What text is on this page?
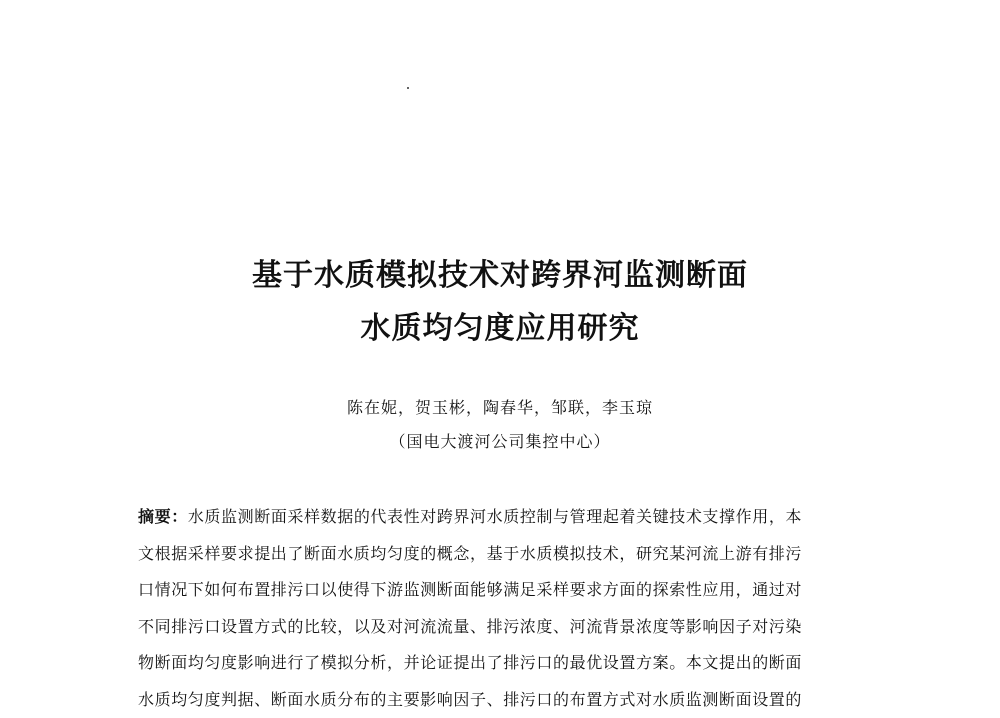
基于水质模拟技术对跨界河监测断面
水质均匀度应用研究
陈在妮，贺玉彬，陶春华，邹联，李玉琼
（国电大渡河公司集控中心）
摘要：水质监测断面采样数据的代表性对跨界河水质控制与管理起着关键技术支撑作用，本
文根据采样要求提出了断面水质均匀度的概念，基于水质模拟技术，研究某河流上游有排污
口情况下如何布置排污口以使得下游监测断面能够满足采样要求方面的探索性应用，通过对
不同排污口设置方式的比较，以及对河流流量、排污浓度、河流背景浓度等影响因子对污染
物断面均匀度影响进行了模拟分析，并论证提出了排污口的最优设置方案。本文提出的断面
水质均匀度判据、断面水质分布的主要影响因子、排污口的布置方式对水质监测断面设置的
